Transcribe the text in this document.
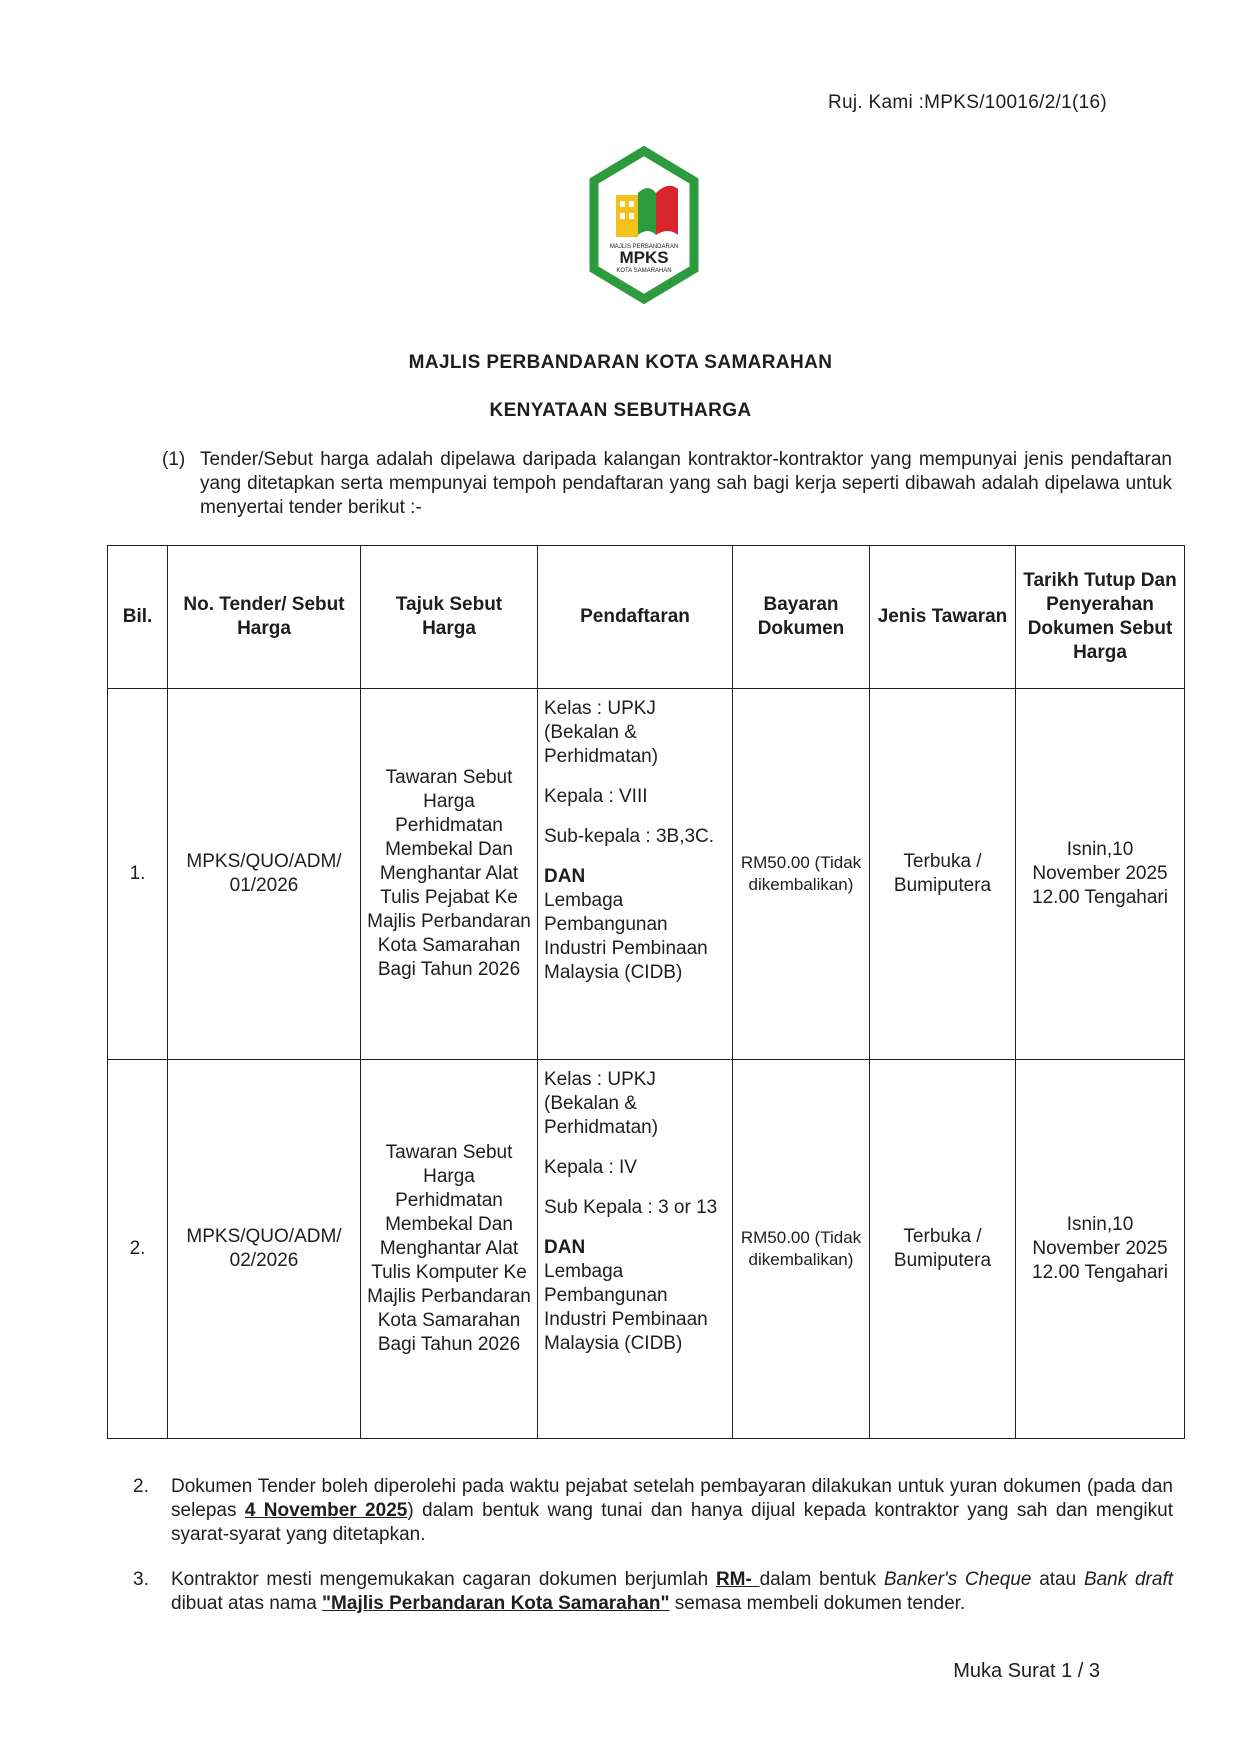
Ruj. Kami :MPKS/10016/2/1(16)
MAJLIS PERBANDARAN
MPKS
KOTA SAMARAHAN
MAJLIS PERBANDARAN KOTA SAMARAHAN
KENYATAAN SEBUTHARGA
(1) Tender/Sebut harga adalah dipelawa daripada kalangan kontraktor-kontraktor yang mempunyai jenis pendaftaran yang ditetapkan serta mempunyai tempoh pendaftaran yang sah bagi kerja seperti dibawah adalah dipelawa untuk menyertai tender berikut :-
Bil.	No. Tender/ Sebut Harga	Tajuk Sebut Harga	Pendaftaran	Bayaran Dokumen	Jenis Tawaran	Tarikh Tutup Dan Penyerahan Dokumen Sebut Harga
1.	MPKS/QUO/ADM/ 01/2026	Tawaran Sebut Harga Perhidmatan Membekal Dan Menghantar Alat Tulis Pejabat Ke Majlis Perbandaran Kota Samarahan Bagi Tahun 2026	Kelas : UPKJ (Bekalan & Perhidmatan)

Kepala : VIII

Sub-kepala : 3B,3C.

DAN

Lembaga Pembangunan Industri Pembinaan Malaysia (CIDB)	RM50.00 (Tidak dikembalikan)	Terbuka / Bumiputera	Isnin,10 November 2025 12.00 Tengahari
2.	MPKS/QUO/ADM/ 02/2026	Tawaran Sebut Harga Perhidmatan Membekal Dan Menghantar Alat Tulis Komputer Ke Majlis Perbandaran Kota Samarahan Bagi Tahun 2026	Kelas : UPKJ (Bekalan & Perhidmatan)

Kepala : IV

Sub Kepala : 3 or 13

DAN

Lembaga Pembangunan Industri Pembinaan Malaysia (CIDB)	RM50.00 (Tidak dikembalikan)	Terbuka / Bumiputera	Isnin,10 November 2025 12.00 Tengahari
2.	Dokumen Tender boleh diperolehi pada waktu pejabat setelah pembayaran dilakukan untuk yuran dokumen (pada dan selepas 4 November 2025) dalam bentuk wang tunai dan hanya dijual kepada kontraktor yang sah dan mengikut syarat-syarat yang ditetapkan.
3.	Kontraktor mesti mengemukakan cagaran dokumen berjumlah RM- dalam bentuk Banker's Cheque atau Bank draft dibuat atas nama "Majlis Perbandaran Kota Samarahan" semasa membeli dokumen tender.
Muka Surat 1 / 3
